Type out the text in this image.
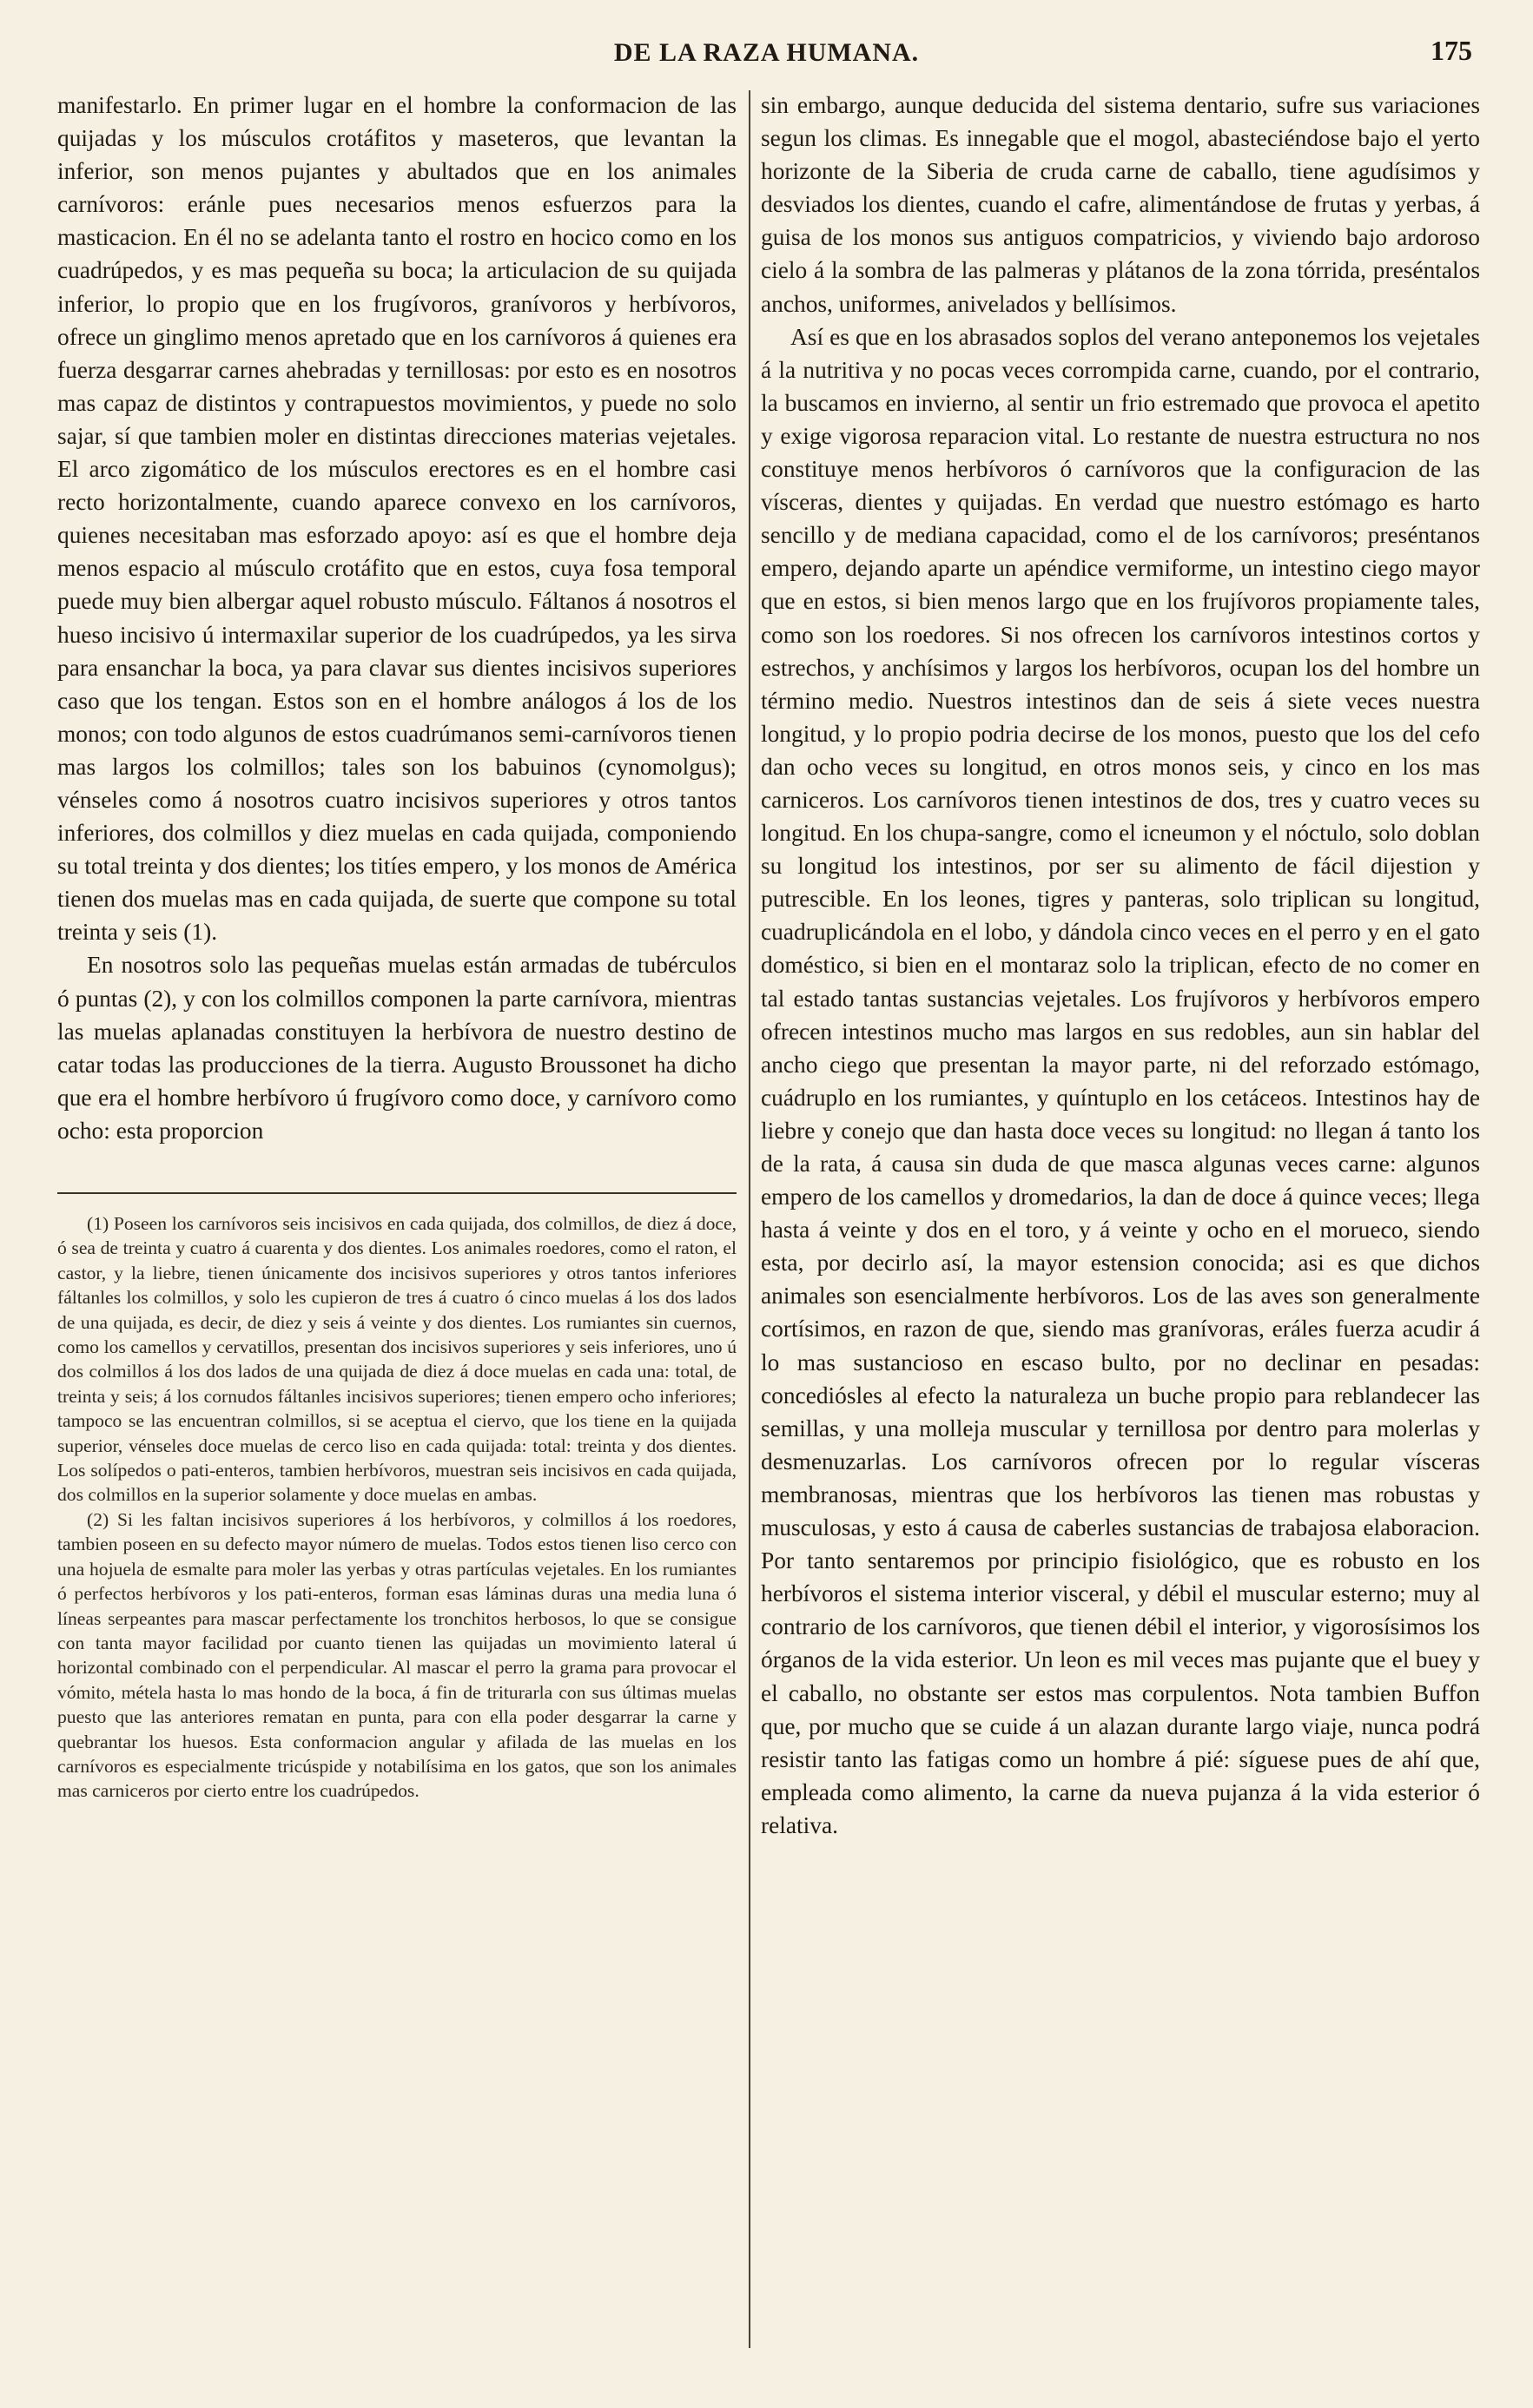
DE LA RAZA HUMANA.	175

manifestarlo. En primer lugar en el hombre la conformacion de las quijadas y los músculos crotáfitos y maseteros, que levantan la inferior, son menos pujantes y abultados que en los animales carnívoros: eránle pues necesarios menos esfuerzos para la masticacion. En él no se adelanta tanto el rostro en hocico como en los cuadrúpedos, y es mas pequeña su boca; la articulacion de su quijada inferior, lo propio que en los frugívoros, granívoros y herbívoros, ofrece un ginglimo menos apretado que en los carnívoros á quienes era fuerza desgarrar carnes ahebradas y ternillosas: por esto es en nosotros mas capaz de distintos y contrapuestos movimientos, y puede no solo sajar, sí que tambien moler en distintas direcciones materias vejetales. El arco zigomático de los músculos erectores es en el hombre casi recto horizontalmente, cuando aparece convexo en los carnívoros, quienes necesitaban mas esforzado apoyo: así es que el hombre deja menos espacio al músculo crotáfito que en estos, cuya fosa temporal puede muy bien albergar aquel robusto músculo. Fáltanos á nosotros el hueso incisivo ú intermaxilar superior de los cuadrúpedos, ya les sirva para ensanchar la boca, ya para clavar sus dientes incisivos superiores caso que los tengan. Estos son en el hombre análogos á los de los monos; con todo algunos de estos cuadrúmanos semi-carnívoros tienen mas largos los colmillos; tales son los babuinos (cynomolgus); vénseles como á nosotros cuatro incisivos superiores y otros tantos inferiores, dos colmillos y diez muelas en cada quijada, componiendo su total treinta y dos dientes; los titíes empero, y los monos de América tienen dos muelas mas en cada quijada, de suerte que compone su total treinta y seis (1).

En nosotros solo las pequeñas muelas están armadas de tubérculos ó puntas (2), y con los colmillos componen la parte carnívora, mientras las muelas aplanadas constituyen la herbívora de nuestro destino de catar todas las producciones de la tierra. Augusto Broussonet ha dicho que era el hombre herbívoro ú frugívoro como doce, y carnívoro como ocho: esta proporcion

(1) Poseen los carnívoros seis incisivos en cada quijada, dos colmillos, de diez á doce, ó sea de treinta y cuatro á cuarenta y dos dientes. Los animales roedores, como el raton, el castor, y la liebre, tienen únicamente dos incisivos superiores y otros tantos inferiores fáltanles los colmillos, y solo les cupieron de tres á cuatro ó cinco muelas á los dos lados de una quijada, es decir, de diez y seis á veinte y dos dientes. Los rumiantes sin cuernos, como los camellos y cervatillos, presentan dos incisivos superiores y seis inferiores, uno ú dos colmillos á los dos lados de una quijada de diez á doce muelas en cada una: total, de treinta y seis; á los cornudos fáltanles incisivos superiores; tienen empero ocho inferiores; tampoco se las encuentran colmillos, si se aceptua el ciervo, que los tiene en la quijada superior, vénseles doce muelas de cerco liso en cada quijada: total: treinta y dos dientes. Los solípedos o pati-enteros, tambien herbívoros, muestran seis incisivos en cada quijada, dos colmillos en la superior solamente y doce muelas en ambas.

(2) Si les faltan incisivos superiores á los herbívoros, y colmillos á los roedores, tambien poseen en su defecto mayor número de muelas. Todos estos tienen liso cerco con una hojuela de esmalte para moler las yerbas y otras partículas vejetales. En los rumiantes ó perfectos herbívoros y los pati-enteros, forman esas láminas duras una media luna ó líneas serpeantes para mascar perfectamente los tronchitos herbosos, lo que se consigue con tanta mayor facilidad por cuanto tienen las quijadas un movimiento lateral ú horizontal combinado con el perpendicular. Al mascar el perro la grama para provocar el vómito, métela hasta lo mas hondo de la boca, á fin de triturarla con sus últimas muelas puesto que las anteriores rematan en punta, para con ella poder desgarrar la carne y quebrantar los huesos. Esta conformacion angular y afilada de las muelas en los carnívoros es especialmente tricúspide y notabilísima en los gatos, que son los animales mas carniceros por cierto entre los cuadrúpedos.

sin embargo, aunque deducida del sistema dentario, sufre sus variaciones segun los climas. Es innegable que el mogol, abasteciéndose bajo el yerto horizonte de la Siberia de cruda carne de caballo, tiene agudísimos y desviados los dientes, cuando el cafre, alimentándose de frutas y yerbas, á guisa de los monos sus antiguos compatricios, y viviendo bajo ardoroso cielo á la sombra de las palmeras y plátanos de la zona tórrida, preséntalos anchos, uniformes, anivelados y bellísimos.

Así es que en los abrasados soplos del verano anteponemos los vejetales á la nutritiva y no pocas veces corrompida carne, cuando, por el contrario, la buscamos en invierno, al sentir un frio estremado que provoca el apetito y exige vigorosa reparacion vital. Lo restante de nuestra estructura no nos constituye menos herbívoros ó carnívoros que la configuracion de las vísceras, dientes y quijadas. En verdad que nuestro estómago es harto sencillo y de mediana capacidad, como el de los carnívoros; preséntanos empero, dejando aparte un apéndice vermiforme, un intestino ciego mayor que en estos, si bien menos largo que en los frujívoros propiamente tales, como son los roedores. Si nos ofrecen los carnívoros intestinos cortos y estrechos, y anchísimos y largos los herbívoros, ocupan los del hombre un término medio. Nuestros intestinos dan de seis á siete veces nuestra longitud, y lo propio podria decirse de los monos, puesto que los del cefo dan ocho veces su longitud, en otros monos seis, y cinco en los mas carniceros. Los carnívoros tienen intestinos de dos, tres y cuatro veces su longitud. En los chupa-sangre, como el icneumon y el nóctulo, solo doblan su longitud los intestinos, por ser su alimento de fácil dijestion y putrescible. En los leones, tigres y panteras, solo triplican su longitud, cuadruplicándola en el lobo, y dándola cinco veces en el perro y en el gato doméstico, si bien en el montaraz solo la triplican, efecto de no comer en tal estado tantas sustancias vejetales. Los frujívoros y herbívoros empero ofrecen intestinos mucho mas largos en sus redobles, aun sin hablar del ancho ciego que presentan la mayor parte, ni del reforzado estómago, cuádruplo en los rumiantes, y quíntuplo en los cetáceos. Intestinos hay de liebre y conejo que dan hasta doce veces su longitud: no llegan á tanto los de la rata, á causa sin duda de que masca algunas veces carne: algunos empero de los camellos y dromedarios, la dan de doce á quince veces; llega hasta á veinte y dos en el toro, y á veinte y ocho en el morueco, siendo esta, por decirlo así, la mayor estension conocida; asi es que dichos animales son esencialmente herbívoros. Los de las aves son generalmente cortísimos, en razon de que, siendo mas granívoras, eráles fuerza acudir á lo mas sustancioso en escaso bulto, por no declinar en pesadas: concediósles al efecto la naturaleza un buche propio para reblandecer las semillas, y una molleja muscular y ternillosa por dentro para molerlas y desmenuzarlas. Los carnívoros ofrecen por lo regular vísceras membranosas, mientras que los herbívoros las tienen mas robustas y musculosas, y esto á causa de caberles sustancias de trabajosa elaboracion. Por tanto sentaremos por principio fisiológico, que es robusto en los herbívoros el sistema interior visceral, y débil el muscular esterno; muy al contrario de los carnívoros, que tienen débil el interior, y vigorosísimos los órganos de la vida esterior. Un leon es mil veces mas pujante que el buey y el caballo, no obstante ser estos mas corpulentos. Nota tambien Buffon que, por mucho que se cuide á un alazan durante largo viaje, nunca podrá resistir tanto las fatigas como un hombre á pié: síguese pues de ahí que, empleada como alimento, la carne da nueva pujanza á la vida esterior ó relativa.
